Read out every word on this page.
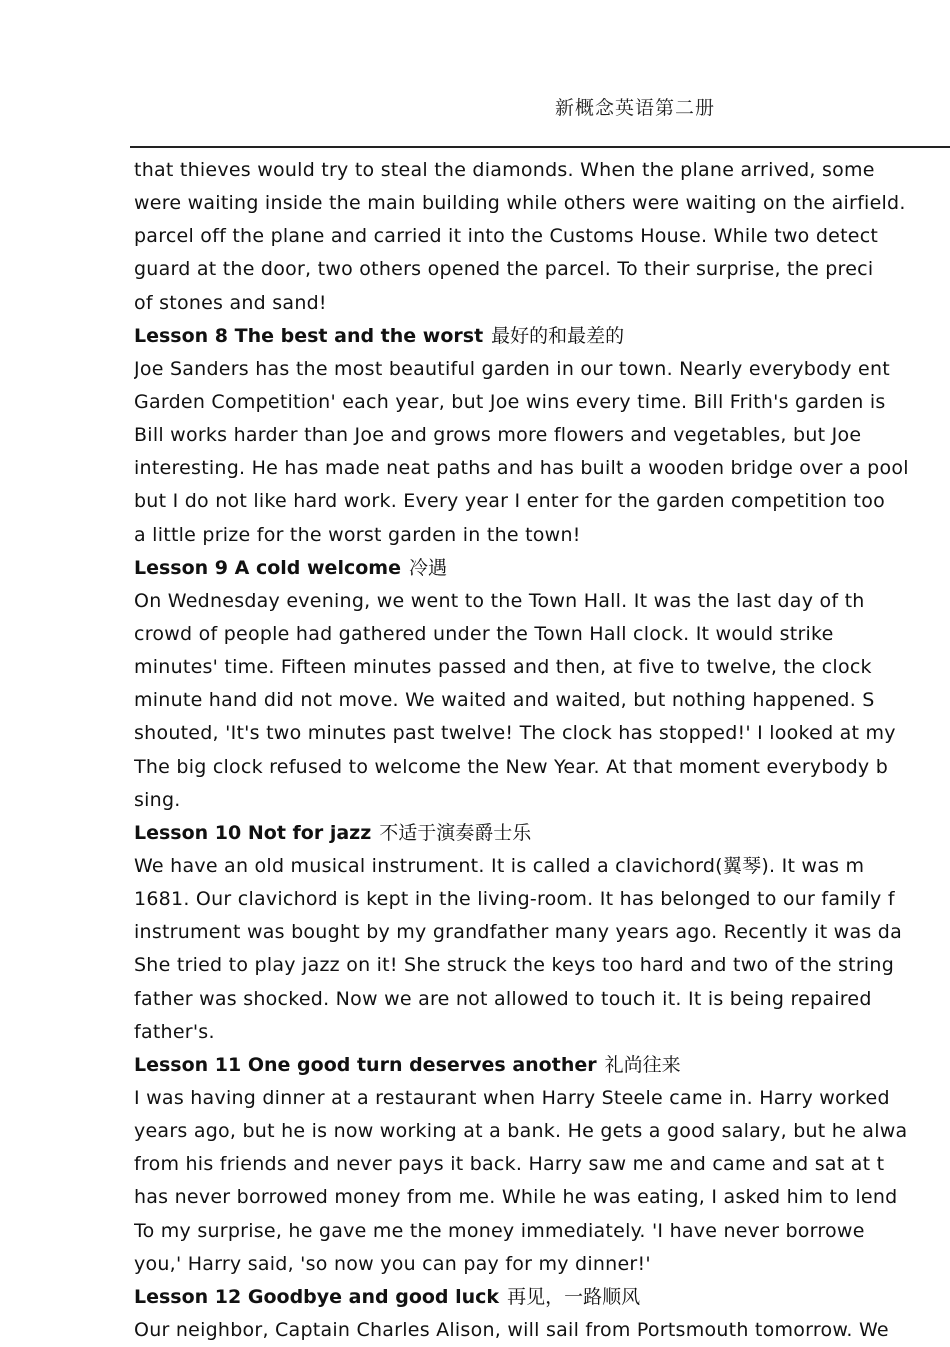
新概念英语第二册
that thieves would try to steal the diamonds. When the plane arrived, some
were waiting inside the main building while others were waiting on the airfield.
parcel off the plane and carried it into the Customs House. While two detect
guard at the door, two others opened the parcel. To their surprise, the preci
of stones and sand!
Lesson 8 The best and the worst 最好的和最差的
Joe Sanders has the most beautiful garden in our town. Nearly everybody ent
Garden Competition' each year, but Joe wins every time. Bill Frith's garden is
Bill works harder than Joe and grows more flowers and vegetables, but Joe
interesting. He has made neat paths and has built a wooden bridge over a pool
but I do not like hard work. Every year I enter for the garden competition too
a little prize for the worst garden in the town!
Lesson 9 A cold welcome 冷遇
On Wednesday evening, we went to the Town Hall. It was the last day of th
crowd of people had gathered under the Town Hall clock. It would strike
minutes' time. Fifteen minutes passed and then, at five to twelve, the clock
minute hand did not move. We waited and waited, but nothing happened. S
shouted, 'It's two minutes past twelve! The clock has stopped!' I looked at my
The big clock refused to welcome the New Year. At that moment everybody b
sing.
Lesson 10 Not for jazz 不适于演奏爵士乐
We have an old musical instrument. It is called a clavichord(翼琴). It was m
1681. Our clavichord is kept in the living-room. It has belonged to our family f
instrument was bought by my grandfather many years ago. Recently it was da
She tried to play jazz on it! She struck the keys too hard and two of the string
father was shocked. Now we are not allowed to touch it. It is being repaired
father's.
Lesson 11 One good turn deserves another 礼尚往来
I was having dinner at a restaurant when Harry Steele came in. Harry worked
years ago, but he is now working at a bank. He gets a good salary, but he alwa
from his friends and never pays it back. Harry saw me and came and sat at t
has never borrowed money from me. While he was eating, I asked him to lend
To my surprise, he gave me the money immediately. 'I have never borrowe
you,' Harry said, 'so now you can pay for my dinner!'
Lesson 12 Goodbye and good luck 再见，一路顺风
Our neighbor, Captain Charles Alison, will sail from Portsmouth tomorrow. We
